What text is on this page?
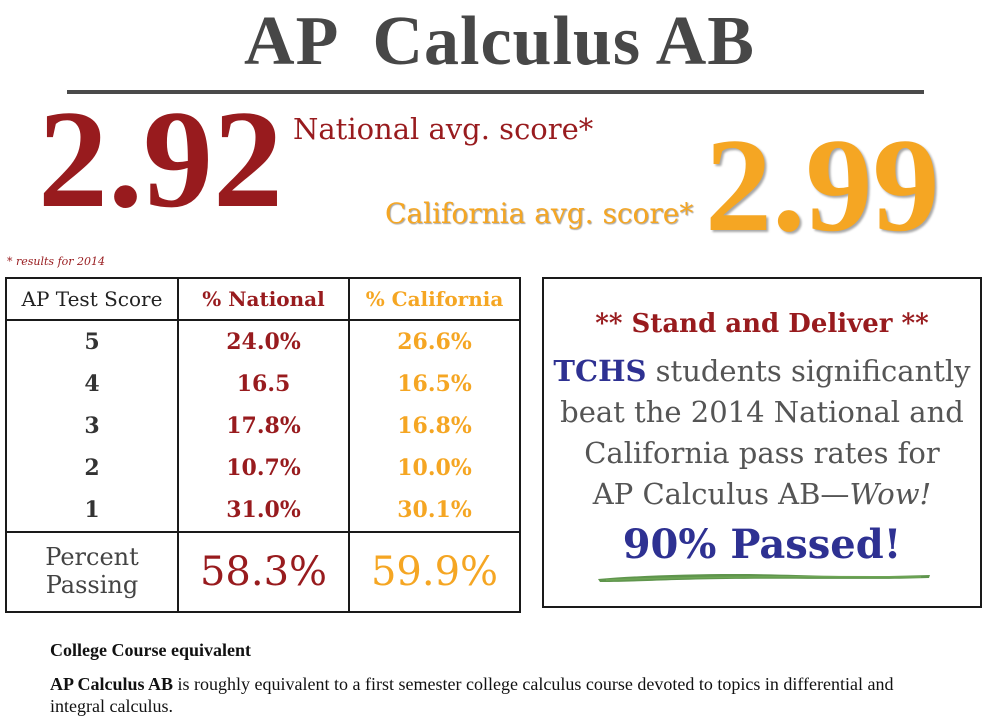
AP  Calculus AB
2.92 National avg. score*
California avg. score* 2.99
* results for 2014
AP Test Score	% National	% California
5	24.0%	26.6%
4	16.5	16.5%
3	17.8%	16.8%
2	10.7%	10.0%
1	31.0%	30.1%
Percent
Passing	58.3%	59.9%
** Stand and Deliver **
TCHS students significantly
beat the 2014 National and
California pass rates for
AP Calculus AB—Wow!
90% Passed!
College Course equivalent
AP Calculus AB is roughly equivalent to a first semester college calculus course devoted to topics in differential and integral calculus.
